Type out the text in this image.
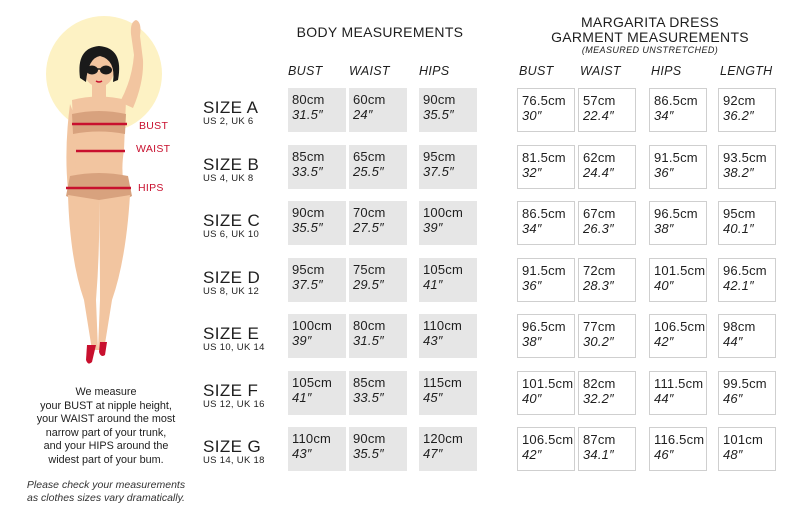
BUST
WAIST
HIPS
BODY MEASUREMENTS
MARGARITA DRESS
GARMENT MEASUREMENTS
(MEASURED UNSTRETCHED)
BUST WAIST HIPS	BUST WAIST HIPS	LENGTH
SIZE A
US 2, UK 6
80cm
31.5″
60cm
24″
90cm
35.5″
76.5cm
30″
57cm
22.4″
86.5cm
34″
92cm
36.2″
SIZE B
US 4, UK 8
85cm
33.5″
65cm
25.5″
95cm
37.5″
81.5cm
32″
62cm
24.4″
91.5cm
36″
93.5cm
38.2″
SIZE C
US 6, UK 10
90cm
35.5″
70cm
27.5″
100cm
39″
86.5cm
34″
67cm
26.3″
96.5cm
38″
95cm
40.1″
SIZE D
US 8, UK 12
95cm
37.5″
75cm
29.5″
105cm
41″
91.5cm
36″
72cm
28.3″
101.5cm
40″
96.5cm
42.1″
SIZE E
US 10, UK 14
100cm
39″
80cm
31.5″
110cm
43″
96.5cm
38″
77cm
30.2″
106.5cm
42″
98cm
44″
SIZE F
US 12, UK 16
105cm
41″
85cm
33.5″
115cm
45″
101.5cm
40″
82cm
32.2″
111.5cm
44″
99.5cm
46″
SIZE G
US 14, UK 18
110cm
43″
90cm
35.5″
120cm
47″
106.5cm
42″
87cm
34.1″
116.5cm
46″
101cm
48″
We measure
your BUST at nipple height,
your WAIST around the most
narrow part of your trunk,
and your HIPS around the
widest part of your bum.
Please check your measurements
as clothes sizes vary dramatically.
